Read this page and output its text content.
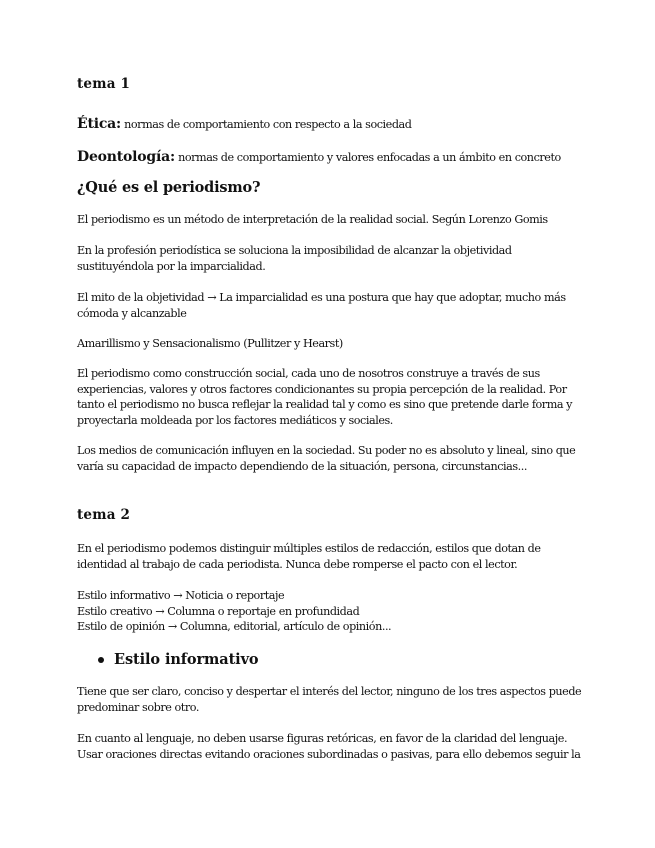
tema 1

Ética: normas de comportamiento con respecto a la sociedad

Deontología: normas de comportamiento y valores enfocadas a un ámbito en concreto

¿Qué es el periodismo?

El periodismo es un método de interpretación de la realidad social. Según Lorenzo Gomis

En la profesión periodística se soluciona la imposibilidad de alcanzar la objetividad
sustituyéndola por la imparcialidad.

El mito de la objetividad → La imparcialidad es una postura que hay que adoptar, mucho más
cómoda y alcanzable

Amarillismo y Sensacionalismo (Pullitzer y Hearst)

El periodismo como construcción social, cada uno de nosotros construye a través de sus
experiencias, valores y otros factores condicionantes su propia percepción de la realidad. Por
tanto el periodismo no busca reflejar la realidad tal y como es sino que pretende darle forma y
proyectarla moldeada por los factores mediáticos y sociales.

Los medios de comunicación influyen en la sociedad. Su poder no es absoluto y lineal, sino que
varía su capacidad de impacto dependiendo de la situación, persona, circunstancias...

tema 2

En el periodismo podemos distinguir múltiples estilos de redacción, estilos que dotan de
identidad al trabajo de cada periodista. Nunca debe romperse el pacto con el lector.

Estilo informativo → Noticia o reportaje
Estilo creativo → Columna o reportaje en profundidad
Estilo de opinión → Columna, editorial, artículo de opinión...

Estilo informativo

Tiene que ser claro, conciso y despertar el interés del lector, ninguno de los tres aspectos puede
predominar sobre otro.

En cuanto al lenguaje, no deben usarse figuras retóricas, en favor de la claridad del lenguaje.
Usar oraciones directas evitando oraciones subordinadas o pasivas, para ello debemos seguir la
